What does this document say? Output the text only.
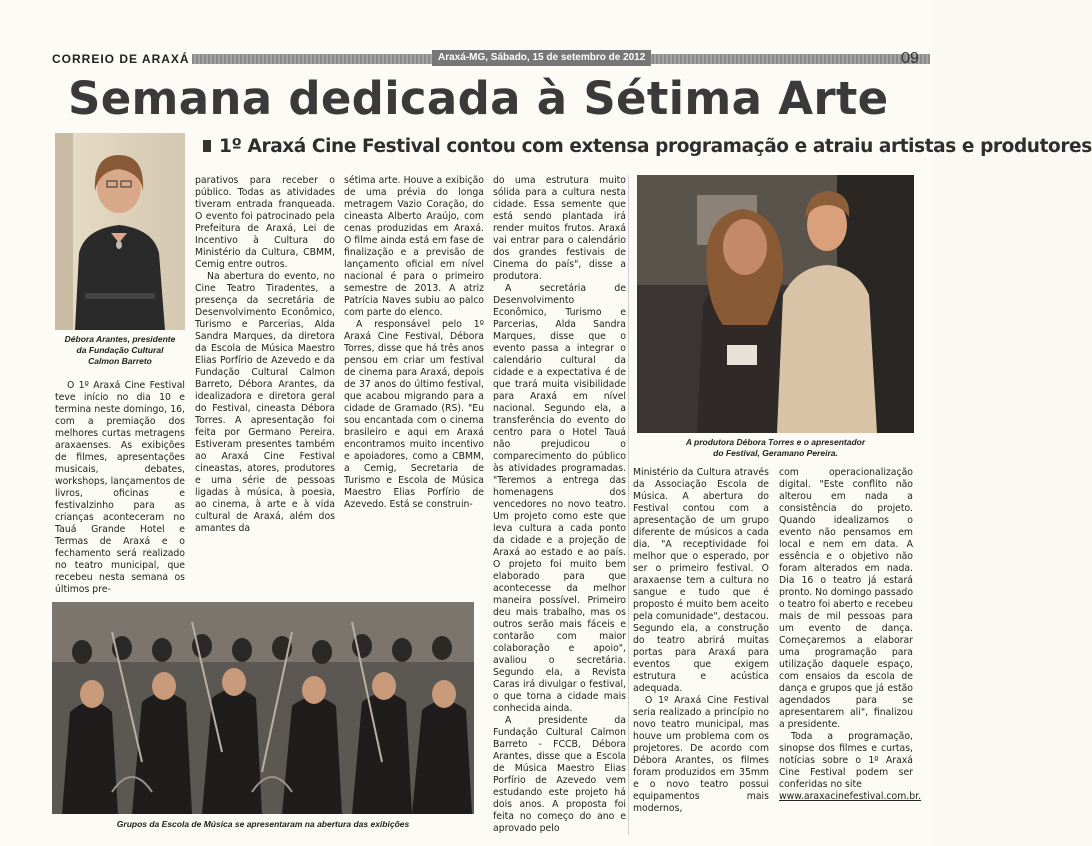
CORREIO DE ARAXÁ	Araxá-MG, Sábado, 15 de setembro de 2012	09
Semana dedicada à Sétima Arte
1º Araxá Cine Festival contou com extensa programação e atraiu artistas e produtores
Débora Arantes, presidente
da Fundação Cultural
Calmon Barreto

O 1º Araxá Cine Festival teve início no dia 10 e termina neste domingo, 16, com a premiação dos melhores curtas metragens araxaenses. As exibições de filmes, apresentações musicais, debates, workshops, lançamentos de livros, oficinas e festivalzinho para as crianças aconteceram no Tauá Grande Hotel e Termas de Araxá e o fechamento será realizado no teatro municipal, que recebeu nesta semana os últimos pre-

parativos para receber o público. Todas as atividades tiveram entrada franqueada. O evento foi patrocinado pela Prefeitura de Araxá, Lei de Incentivo à Cultura do Ministério da Cultura, CBMM, Cemig entre outros.

Na abertura do evento, no Cine Teatro Tiradentes, a presença da secretária de Desenvolvimento Econômico, Turismo e Parcerias, Alda Sandra Marques, da diretora da Escola de Música Maestro Elias Porfírio de Azevedo e da Fundação Cultural Calmon Barreto, Débora Arantes, da idealizadora e diretora geral do Festival, cineasta Débora Torres. A apresentação foi feita por Germano Pereira. Estiveram presentes também ao Araxá Cine Festival cineastas, atores, produtores e uma série de pessoas ligadas à música, à poesia, ao cinema, à arte e à vida cultural de Araxá, além dos amantes da

sétima arte. Houve a exibição de uma prévia do longa metragem Vazio Coração, do cineasta Alberto Araújo, com cenas produzidas em Araxá. O filme ainda está em fase de finalização e a previsão de lançamento oficial em nível nacional é para o primeiro semestre de 2013. A atriz Patrícia Naves subiu ao palco com parte do elenco.

A responsável pelo 1º Araxá Cine Festival, Débora Torres, disse que há três anos pensou em criar um festival de cinema para Araxá, depois de 37 anos do último festival, que acabou migrando para a cidade de Gramado (RS). "Eu sou encantada com o cinema brasileiro e aqui em Araxá encontramos muito incentivo e apoiadores, como a CBMM, a Cemig, Secretaria de Turismo e Escola de Música Maestro Elias Porfírio de Azevedo. Está se construin-

do uma estrutura muito sólida para a cultura nesta cidade. Essa semente que está sendo plantada irá render muitos frutos. Araxá vai entrar para o calendário dos grandes festivais de Cinema do país", disse a produtora.

A secretária de Desenvolvimento Econômico, Turismo e Parcerias, Alda Sandra Marques, disse que o evento passa a integrar o calendário cultural da cidade e a expectativa é de que trará muita visibilidade para Araxá em nível nacional. Segundo ela, a transferência do evento do centro para o Hotel Tauá não prejudicou o comparecimento do público às atividades programadas. "Teremos a entrega das homenagens dos vencedores no novo teatro. Um projeto como este que leva cultura a cada ponto da cidade e a projeção de Araxá ao estado e ao país. O projeto foi muito bem elaborado para que acontecesse da melhor maneira possível. Primeiro deu mais trabalho, mas os outros serão mais fáceis e contarão com maior colaboração e apoio", avaliou o secretária. Segundo ela, a Revista Caras irá divulgar o festival, o que torna a cidade mais conhecida ainda.

A presidente da Fundação Cultural Calmon Barreto - FCCB, Débora Arantes, disse que a Escola de Música Maestro Elias Porfírio de Azevedo vem estudando este projeto há dois anos. A proposta foi feita no começo do ano e aprovado pelo

A produtora Débora Torres e o apresentador
do Festival, Geramano Pereira.

Ministério da Cultura através da Associação Escola de Música. A abertura do Festival contou com a apresentação de um grupo diferente de músicos a cada dia. "A receptividade foi melhor que o esperado, por ser o primeiro festival. O araxaense tem a cultura no sangue e tudo que é proposto é muito bem aceito pela comunidade", destacou. Segundo ela, a construção do teatro abrirá muitas portas para Araxá para eventos que exigem estrutura e acústica adequada.

O 1º Araxá Cine Festival seria realizado a princípio no novo teatro municipal, mas houve um problema com os projetores. De acordo com Débora Arantes, os filmes foram produzidos em 35mm e o novo teatro possui equipamentos mais modernos,

com operacionalização digital. "Este conflito não alterou em nada a consistência do projeto. Quando idealizamos o evento não pensamos em local e nem em data. A essência e o objetivo não foram alterados em nada. Dia 16 o teatro já estará pronto. No domingo passado o teatro foi aberto e recebeu mais de mil pessoas para um evento de dança. Começaremos a elaborar uma programação para utilização daquele espaço, com ensaios da escola de dança e grupos que já estão agendados para se apresentarem ali", finalizou a presidente.

Toda a programação, sinopse dos filmes e curtas, notícias sobre o 1º Araxá Cine Festival podem ser conferidas no site

www.araxacinefestival.com.br.

Grupos da Escola de Música se apresentaram na abertura das exibições
